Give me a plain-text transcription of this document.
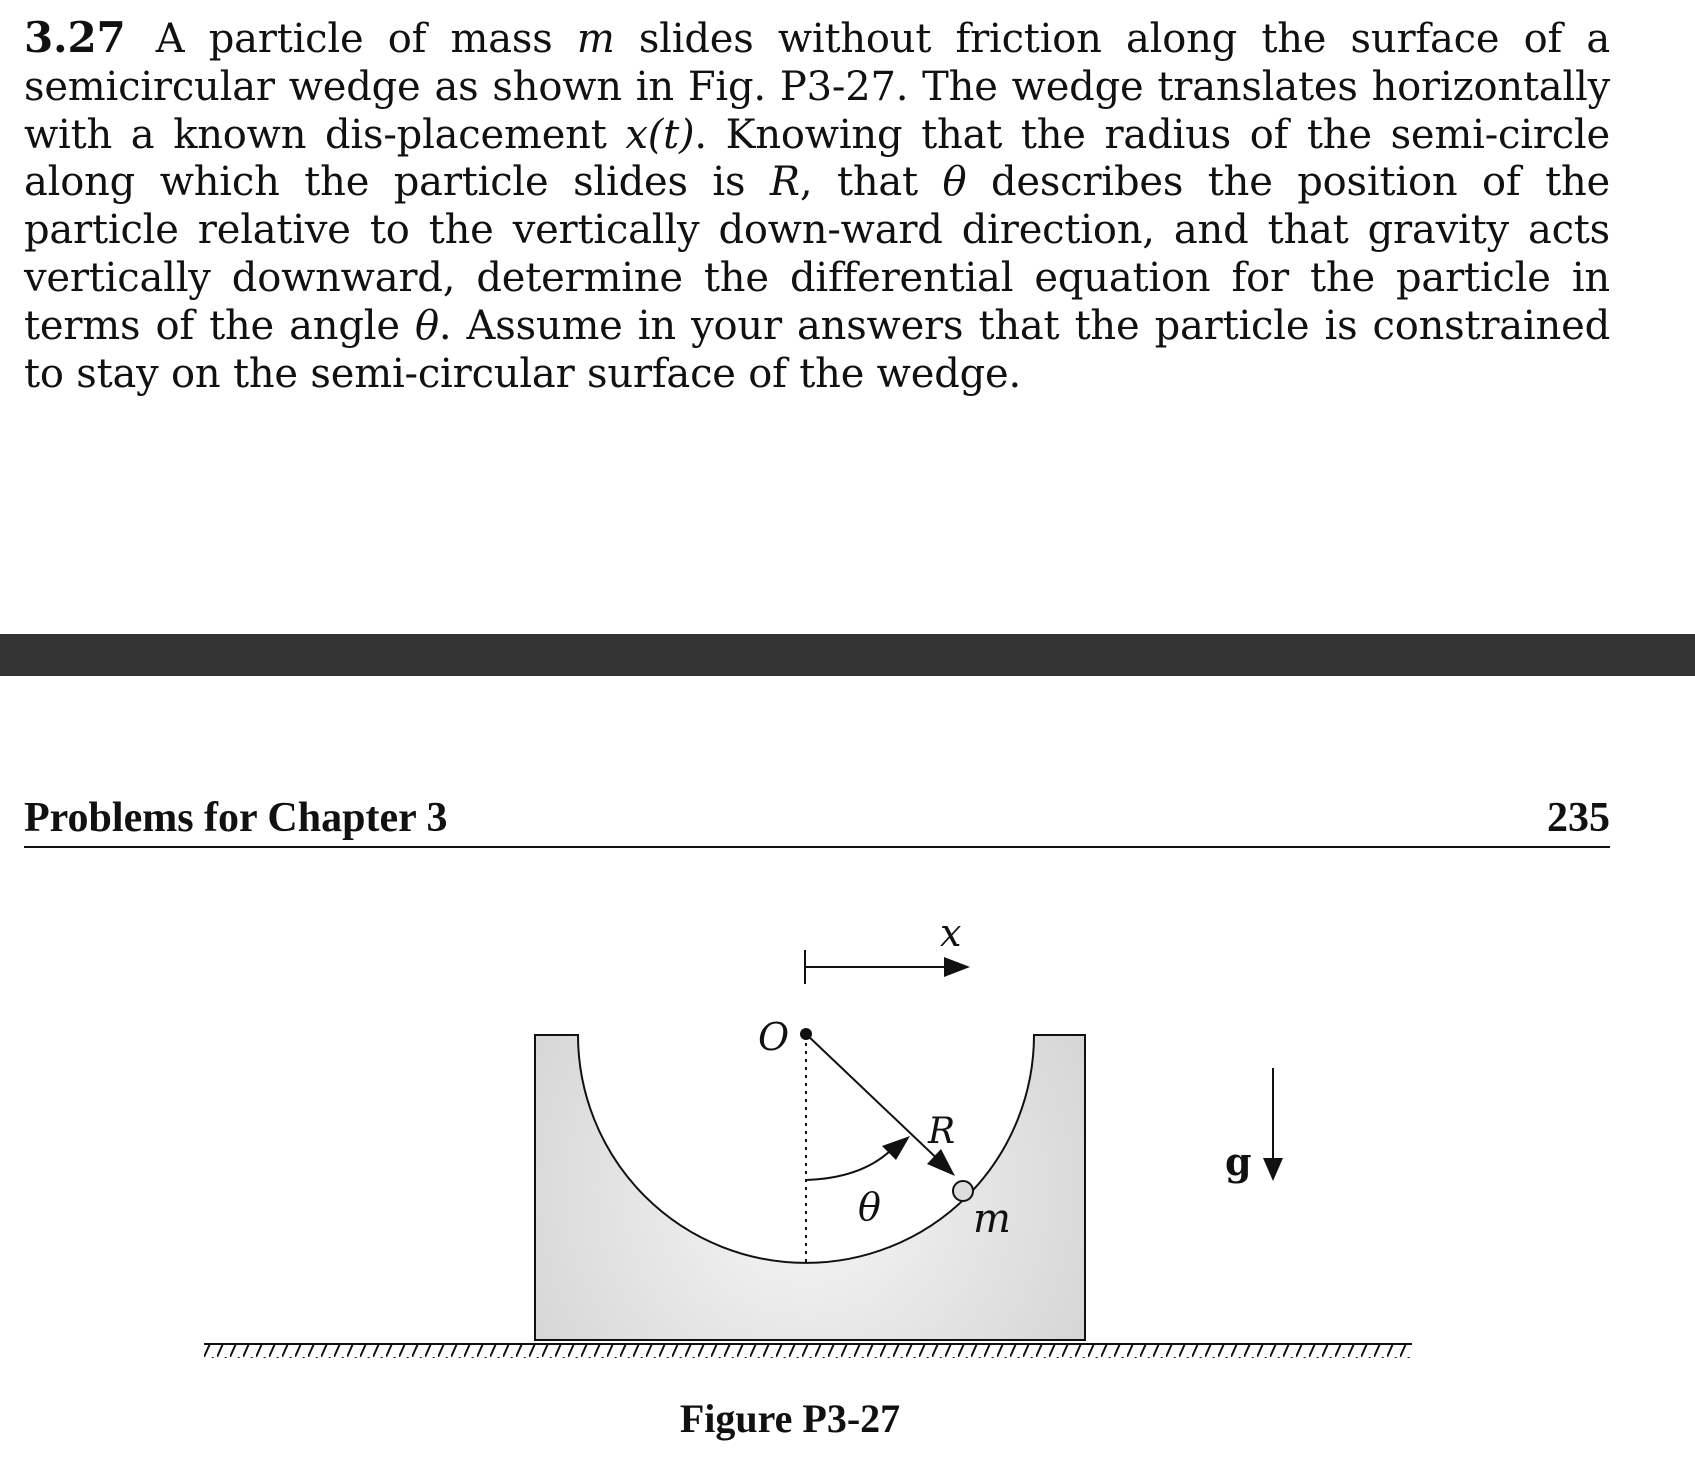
3.27 A particle of mass m slides without friction along the surface of a semicircular wedge as shown in Fig. P3-27. The wedge translates horizontally with a known dis-placement x(t). Knowing that the radius of the semi-circle along which the particle slides is R, that θ describes the position of the particle relative to the vertically down-ward direction, and that gravity acts vertically downward, determine the differential equation for the particle in terms of the angle θ. Assume in your answers that the particle is constrained to stay on the semi-circular surface of the wedge.

Problems for Chapter 3	235
x
O
R
θ m
g

Figure P3-27
